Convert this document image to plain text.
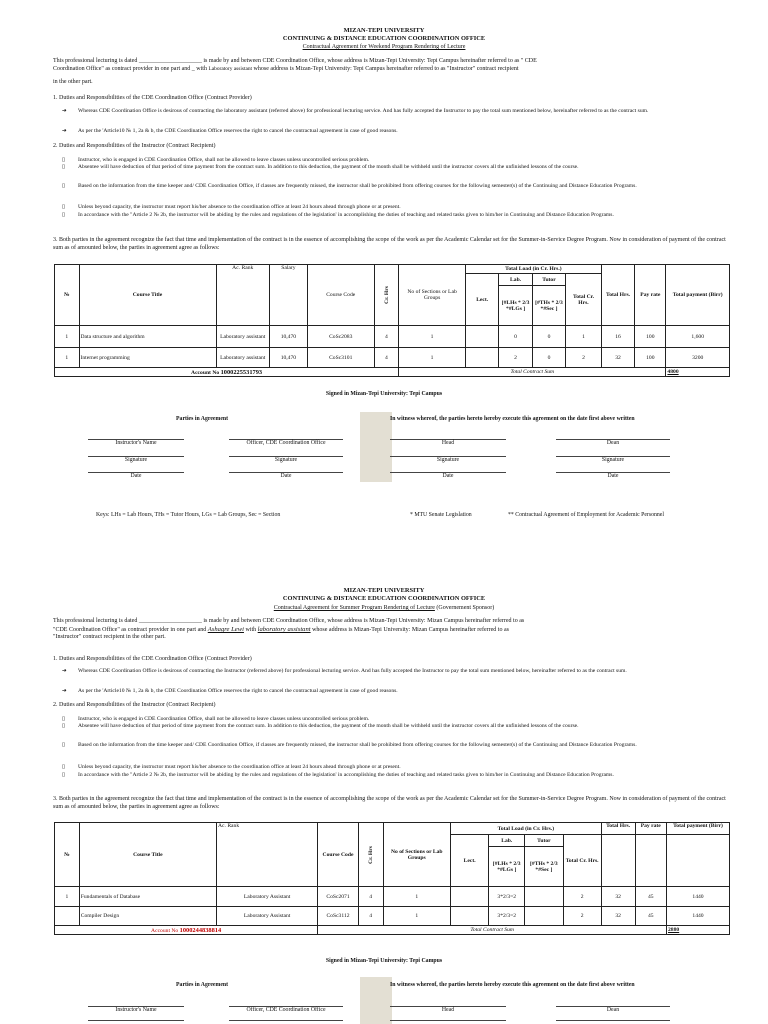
MIZAN-TEPI UNIVERSITY
CONTINUING & DISTANCE EDUCATION COORDINATION OFFICE
Contractual Agreement for Weekend Program Rendering of Lecture
This professional lecturing is dated _____________________ is made by and between CDE Coordination Office, whose address is Mizan-Tepi University: Tepi Campus hereinafter referred to as " CDE
Coordination Office" as contract provider in one part and _ with Laboratory assistant whose address is Mizan-Tepi University: Tepi Campus hereinafter referred to as "Instructor" contract recipient
in the other part.
1. Duties and Responsibilities of the CDE Coordination Office (Contract Provider)
➔ Whereas CDE Coordination Office is desirous of contracting the laboratory assistant (referred above) for professional lecturing service. And has fully accepted the Instructor to pay the total sum mentioned below, hereinafter referred to as the contract sum.
➔ As per the 'Article10 № 1, 2a & b, the CDE Coordination Office reserves the right to cancel the contractual agreement in case of good reasons.
2. Duties and Responsibilities of the Instructor (Contract Recipient)
▯ Instructor, who is engaged in CDE Coordination Office, shall not be allowed to leave classes unless uncontrolled serious problem.
▯ Absentee will have deduction of that period of time payment from the contract sum. In addition to this deduction, the payment of the month shall be withheld until the instructor covers all the unfinished lessons of the course.
▯ Based on the information from the time keeper and/ CDE Coordination Office, if classes are frequently missed, the instructor shall be prohibited from offering courses for the following semester(s) of the Continuing and Distance Education Programs.
▯ Unless beyond capacity, the instructor must report his/her absence to the coordination office at least 24 hours ahead through phone or at present.
▯ In accordance with the "Article 2 № 2b, the instructor will be abiding by the rules and regulations of the legislation' in accomplishing the duties of teaching and related tasks given to him/her in Continuing and Distance Education Programs.
3. Both parties in the agreement recognize the fact that time and implementation of the contract is in the essence of accomplishing the scope of the work as per the Academic Calendar set for the Summer-in-Service Degree Program. Now in consideration of payment of the contract sum as of amounted below, the parties in agreement agree as follows:
№	Course Title	Ac. Rank	Salary	Course Code	Cr. Hrs	No of Sections or Lab Groups	Total Load (in Cr. Hrs.)				Total Hrs.	Pay rate	Total payment (Birr)
							Lect.	Lab.	Tutor	Total Cr. Hrs.			
								[#LHs * 2/3 *#LGs ]	[#THs * 2/3 *#Sec ]				
1	Data structure and algorithm	Laboratory assistant	10,470	CoSc2083	4	1		0	0	1	16	100	1,600
1	Internet programming	Laboratory assistant	10,470	CoSc3101	4	1		2	0	2	32	100	3200
Account No 1000225531793						Total Contract Sum							4800
Signed in Mizan-Tepi University: Tepi Campus
Parties in Agreement	In witness whereof, the parties hereto hereby execute this agreement on the date first above written
Instructor's Name	Officer, CDE Coordination Office	Head	Dean
Signature	Signature	Signature	Signature
Date	Date	Date	Date
Keys: LHs = Lab Hours, THs = Tutor Hours, LGs = Lab Groups, Sec = Section	* MTU Senate Legislation	** Contractual Agreement of Employment for Academic Personnel
MIZAN-TEPI UNIVERSITY
CONTINUING & DISTANCE EDUCATION COORDINATION OFFICE
Contractual Agreement for Summer Program Rendering of Lecture (Governement Sponsor)
This professional lecturing is dated _____________________ is made by and between CDE Coordination Office, whose address is Mizan-Tepi University: Mizan Campus hereinafter referred to as
"CDE Coordination Office" as contract provider in one part and Ashagre Lewi with laboratory assistant whose address is Mizan-Tepi University: Mizan Campus hereinafter referred to as
"Instructor" contract recipient in the other part.
1. Duties and Responsibilities of the CDE Coordination Office (Contract Provider)
➔ Whereas CDE Coordination Office is desirous of contracting the Instructor (referred above) for professional lecturing service. And has fully accepted the Instructor to pay the total sum mentioned below, hereinafter referred to as the contract sum.
➔ As per the 'Article10 № 1, 2a & b, the CDE Coordination Office reserves the right to cancel the contractual agreement in case of good reasons.
2. Duties and Responsibilities of the Instructor (Contract Recipient)
▯ Instructor, who is engaged in CDE Coordination Office, shall not be allowed to leave classes unless uncontrolled serious problem.
▯ Absentee will have deduction of that period of time payment from the contract sum. In addition to this deduction, the payment of the month shall be withheld until the instructor covers all the unfinished lessons of the course.
▯ Based on the information from the time keeper and/ CDE Coordination Office, if classes are frequently missed, the instructor shall be prohibited from offering courses for the following semester(s) of the Continuing and Distance Education Programs.
▯ Unless beyond capacity, the instructor must report his/her absence to the coordination office at least 24 hours ahead through phone or at present.
▯ In accordance with the "Article 2 № 2b, the instructor will be abiding by the rules and regulations of the legislation' in accomplishing the duties of teaching and related tasks given to him/her in Continuing and Distance Education Programs.
3. Both parties in the agreement recognize the fact that time and implementation of the contract is in the essence of accomplishing the scope of the work as per the Academic Calendar set for the Summer-in-Service Degree Program. Now in consideration of payment of the contract sum as of amounted below, the parties in agreement agree as follows:
№	Course Title	Ac. Rank	Course Code	Cr. Hrs	No of Sections or Lab Groups	Total Load (in Cr. Hrs.)				Total Hrs.	Pay rate	Total payment (Birr)
						Lect.	Lab.	Tutor	Total Cr. Hrs.			
							[#LHs * 2/3 *#LGs ]	[#THs * 2/3 *#Sec ]				
1	Fundamentals of Database	Laboratory Assistant	CoSc2071	4	1		3*2/3=2		2	32	45	1440
	Compiler Design	Laboratory Assistant	CoSc3112	4	1		3*2/3=2		2	32	45	1440
Account No 1000244838814			Total Contract Sum									2880
Signed in Mizan-Tepi University: Tepi Campus
Parties in Agreement	In witness whereof, the parties hereto hereby execute this agreement on the date first above written
Instructor's Name	Officer, CDE Coordination Office	Head	Dean
